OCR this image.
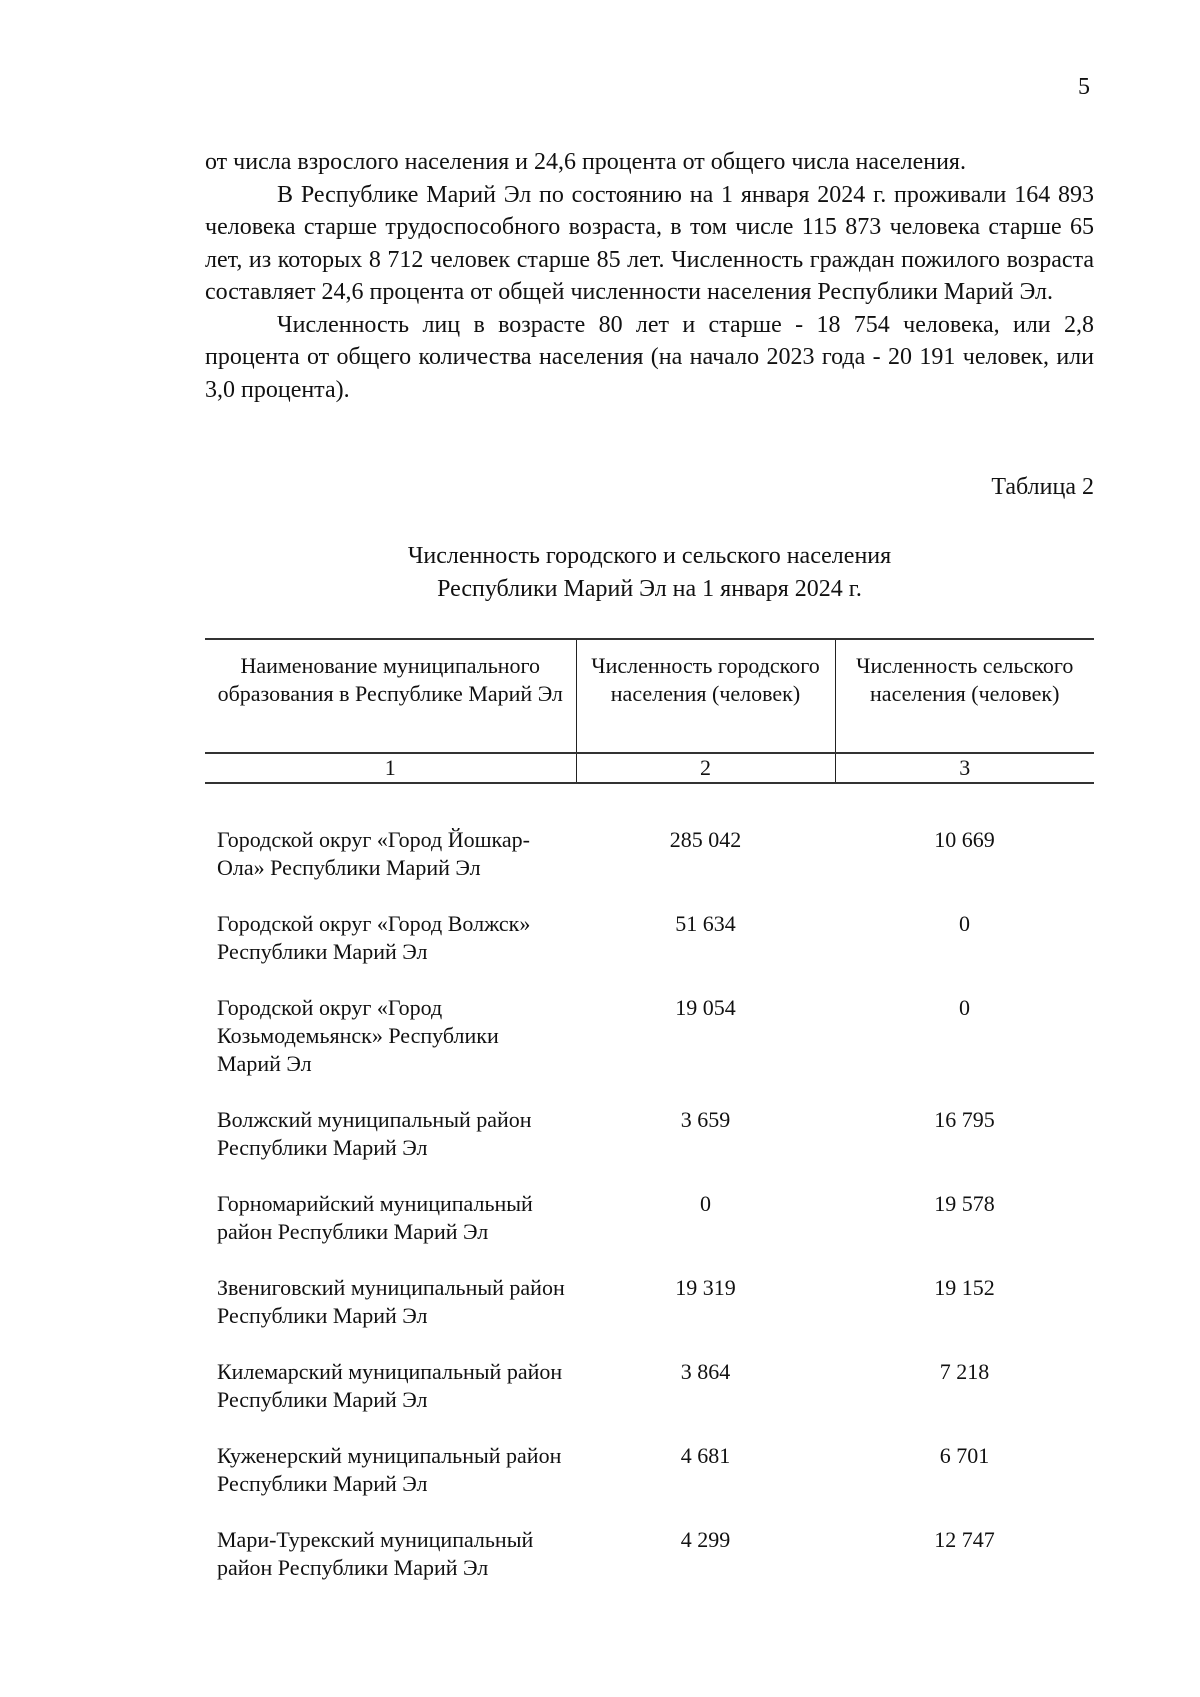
5

от числа взрослого населения и 24,6 процента от общего числа населения.

В Республике Марий Эл по состоянию на 1 января 2024 г. проживали 164 893 человека старше трудоспособного возраста, в том числе 115 873 человека старше 65 лет, из которых 8 712 человек старше 85 лет. Численность граждан пожилого возраста составляет 24,6 процента от общей численности населения Республики Марий Эл.

Численность лиц в возрасте 80 лет и старше - 18 754 человека, или 2,8 процента от общего количества населения (на начало 2023 года - 20 191 человек, или 3,0 процента).

Таблица 2
Численность городского и сельского населения
Республики Марий Эл на 1 января 2024 г.
Наименование муниципального образования в Республике Марий Эл	Численность городского населения (человек)	Численность сельского населения (человек)
1	2	3
Городской округ «Город Йошкар-Ола» Республики Марий Эл	285 042	10 669
Городской округ «Город Волжск» Республики Марий Эл	51 634	0
Городской округ «Город Козьмодемьянск» Республики Марий Эл	19 054	0
Волжский муниципальный район Республики Марий Эл	3 659	16 795
Горномарийский муниципальный район Республики Марий Эл	0	19 578
Звениговский муниципальный район Республики Марий Эл	19 319	19 152
Килемарский муниципальный район Республики Марий Эл	3 864	7 218
Куженерский муниципальный район Республики Марий Эл	4 681	6 701
Мари-Турекский муниципальный район Республики Марий Эл	4 299	12 747
